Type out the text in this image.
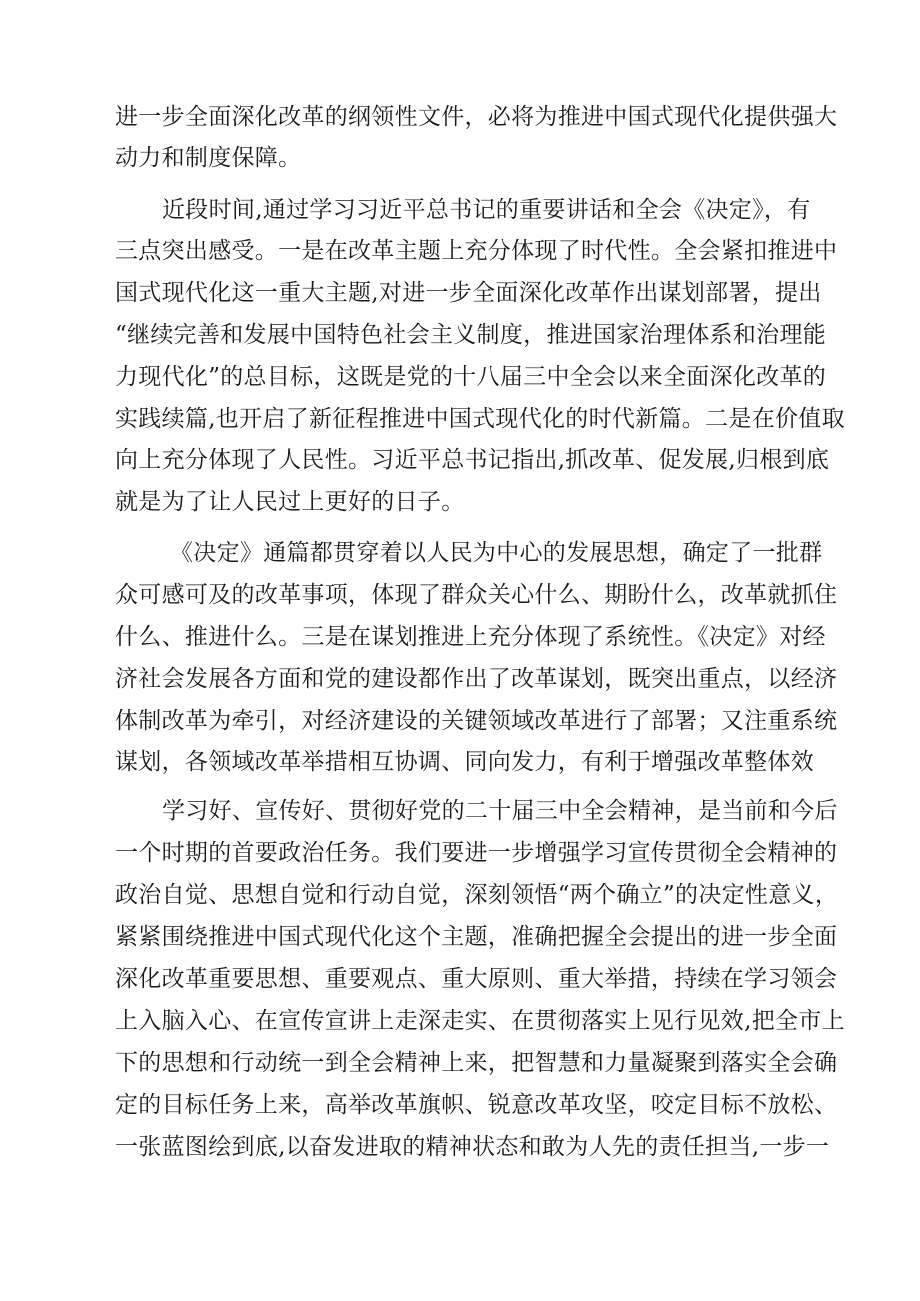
进一步全面深化改革的纲领性文件，必将为推进中国式现代化提供强大
动力和制度保障。
近段时间,通过学习习近平总书记的重要讲话和全会《决定》，有
三点突出感受。一是在改革主题上充分体现了时代性。全会紧扣推进中
国式现代化这一重大主题,对进一步全面深化改革作出谋划部署，提出
“继续完善和发展中国特色社会主义制度，推进国家治理体系和治理能
力现代化”的总目标，这既是党的十八届三中全会以来全面深化改革的
实践续篇,也开启了新征程推进中国式现代化的时代新篇。二是在价值取
向上充分体现了人民性。习近平总书记指出,抓改革、促发展,归根到底
就是为了让人民过上更好的日子。
《决定》通篇都贯穿着以人民为中心的发展思想，确定了一批群
众可感可及的改革事项，体现了群众关心什么、期盼什么，改革就抓住
什么、推进什么。三是在谋划推进上充分体现了系统性。《决定》对经
济社会发展各方面和党的建设都作出了改革谋划，既突出重点，以经济
体制改革为牵引，对经济建设的关键领域改革进行了部署；又注重系统
谋划，各领域改革举措相互协调、同向发力，有利于增强改革整体效
学习好、宣传好、贯彻好党的二十届三中全会精神，是当前和今后
一个时期的首要政治任务。我们要进一步增强学习宣传贯彻全会精神的
政治自觉、思想自觉和行动自觉，深刻领悟“两个确立”的决定性意义，
紧紧围绕推进中国式现代化这个主题，准确把握全会提出的进一步全面
深化改革重要思想、重要观点、重大原则、重大举措，持续在学习领会
上入脑入心、在宣传宣讲上走深走实、在贯彻落实上见行见效,把全市上
下的思想和行动统一到全会精神上来，把智慧和力量凝聚到落实全会确
定的目标任务上来，高举改革旗帜、锐意改革攻坚，咬定目标不放松、
一张蓝图绘到底,以奋发进取的精神状态和敢为人先的责任担当,一步一
